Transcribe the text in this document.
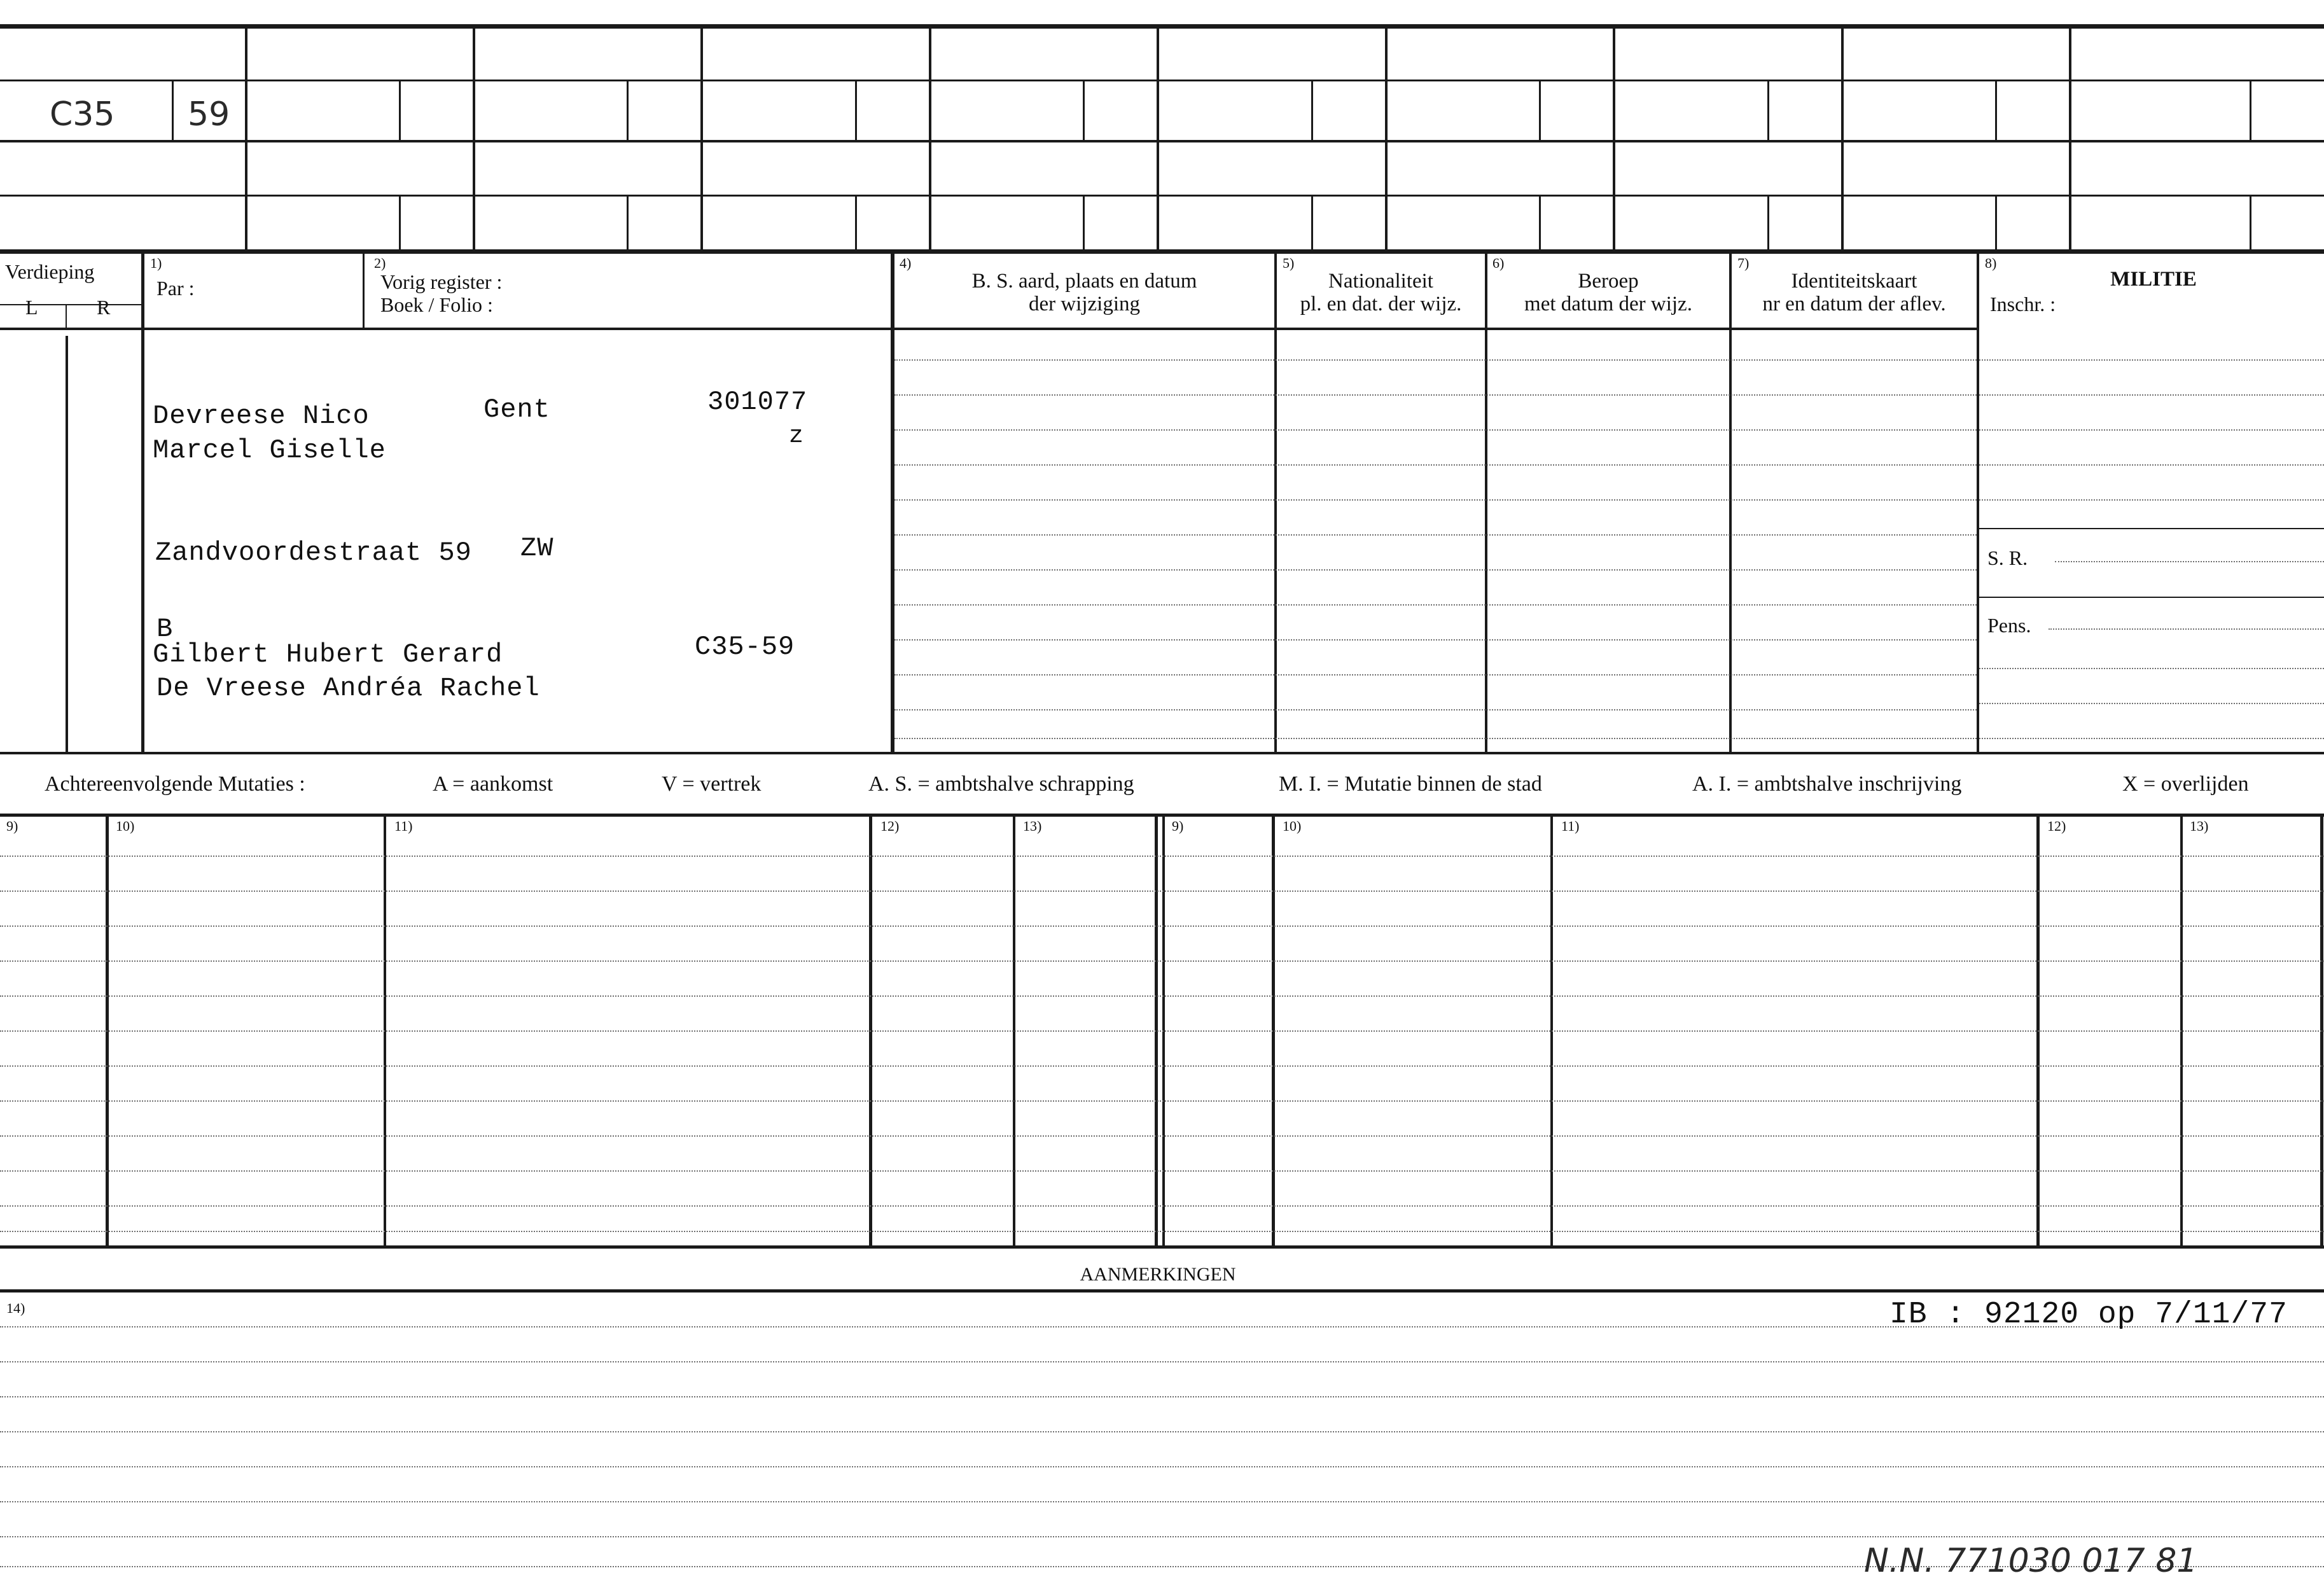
C35 59
Verdieping
L	R
1)
Par :
2)
Vorig register :
Boek / Folio :
4)
B. S. aard, plaats en datum
der wijziging
5)
Nationaliteit
pl. en dat. der wijz.
6)
Beroep
met datum der wijz.
7)
Identiteitskaart
nr en datum der aflev.
8)
MILITIE
Inschr. :
S. R.
Pens.
Devreese Nico	Gent	301077
z
Marcel Giselle
Zandvoordestraat 59 ZW
B
Gilbert Hubert Gerard	C35-59
De Vreese Andréa Rachel
Achtereenvolgende Mutaties :	A = aankomst	V = vertrek	A. S. = ambtshalve schrapping	M. I. = Mutatie binnen de stad	A. I. = ambtshalve inschrijving	X = overlijden
9)	10)	11)	12)	13)	9)	10)	11)	12)	13)
AANMERKINGEN
14)	IB : 92120 op 7/11/77
N.N. 771030 017 81
